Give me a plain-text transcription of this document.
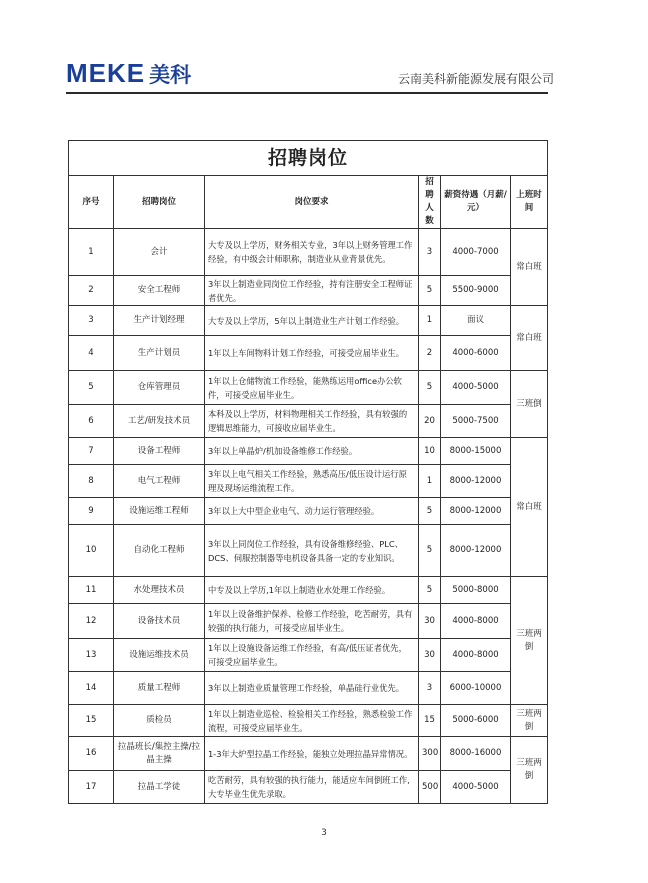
MEKE 美科	云南美科新能源发展有限公司
招聘岗位					
序号	招聘岗位	岗位要求	招聘人数	薪资待遇（月薪/元）	上班时间
1	会计	大专及以上学历，财务相关专业，3年以上财务管理工作经验，有中级会计师职称，制造业从业背景优先。	3	4000-7000	常白班
2	安全工程师	3年以上制造业同岗位工作经验，持有注册安全工程师证者优先。	5	5500-9000	
3	生产计划经理	大专及以上学历，5年以上制造业生产计划工作经验。	1	面议	常白班
4	生产计划员	1年以上车间物料计划工作经验，可接受应届毕业生。	2	4000-6000	
5	仓库管理员	1年以上仓储物流工作经验，能熟练运用office办公软件，可接受应届毕业生。	5	4000-5000	三班倒
6	工艺/研发技术员	本科及以上学历，材料物理相关工作经验，具有较强的逻辑思维能力，可接收应届毕业生。	20	5000-7500	
7	设备工程师	3年以上单晶炉/机加设备维修工作经验。	10	8000-15000	常白班
8	电气工程师	3年以上电气相关工作经验，熟悉高压/低压设计运行原理及现场运维流程工作。	1	8000-12000	
9	设施运维工程师	3年以上大中型企业电气、动力运行管理经验。	5	8000-12000	
10	自动化工程师	3年以上同岗位工作经验，具有设备维修经验、PLC、DCS、伺服控制器等电机设备具备一定的专业知识。	5	8000-12000	
11	水处理技术员	中专及以上学历,1年以上制造业水处理工作经验。	5	5000-8000	三班两倒
12	设备技术员	1年以上设备维护保养、检修工作经验，吃苦耐劳，具有较强的执行能力，可接受应届毕业生。	30	4000-8000	
13	设施运维技术员	1年以上设施设备运维工作经验，有高/低压证者优先，可接受应届毕业生。	30	4000-8000	
14	质量工程师	3年以上制造业质量管理工作经验，单晶硅行业优先。	3	6000-10000	
15	质检员	1年以上制造业巡检、检验相关工作经验，熟悉检验工作流程，可接受应届毕业生。	15	5000-6000	三班两倒
16	拉晶班长/集控主操/拉晶主操	1-3年大炉型拉晶工作经验，能独立处理拉晶异常情况。	300	8000-16000	三班两倒
17	拉晶工学徒	吃苦耐劳，具有较强的执行能力，能适应车间倒班工作,大专毕业生优先录取。	500	4000-5000	
3
